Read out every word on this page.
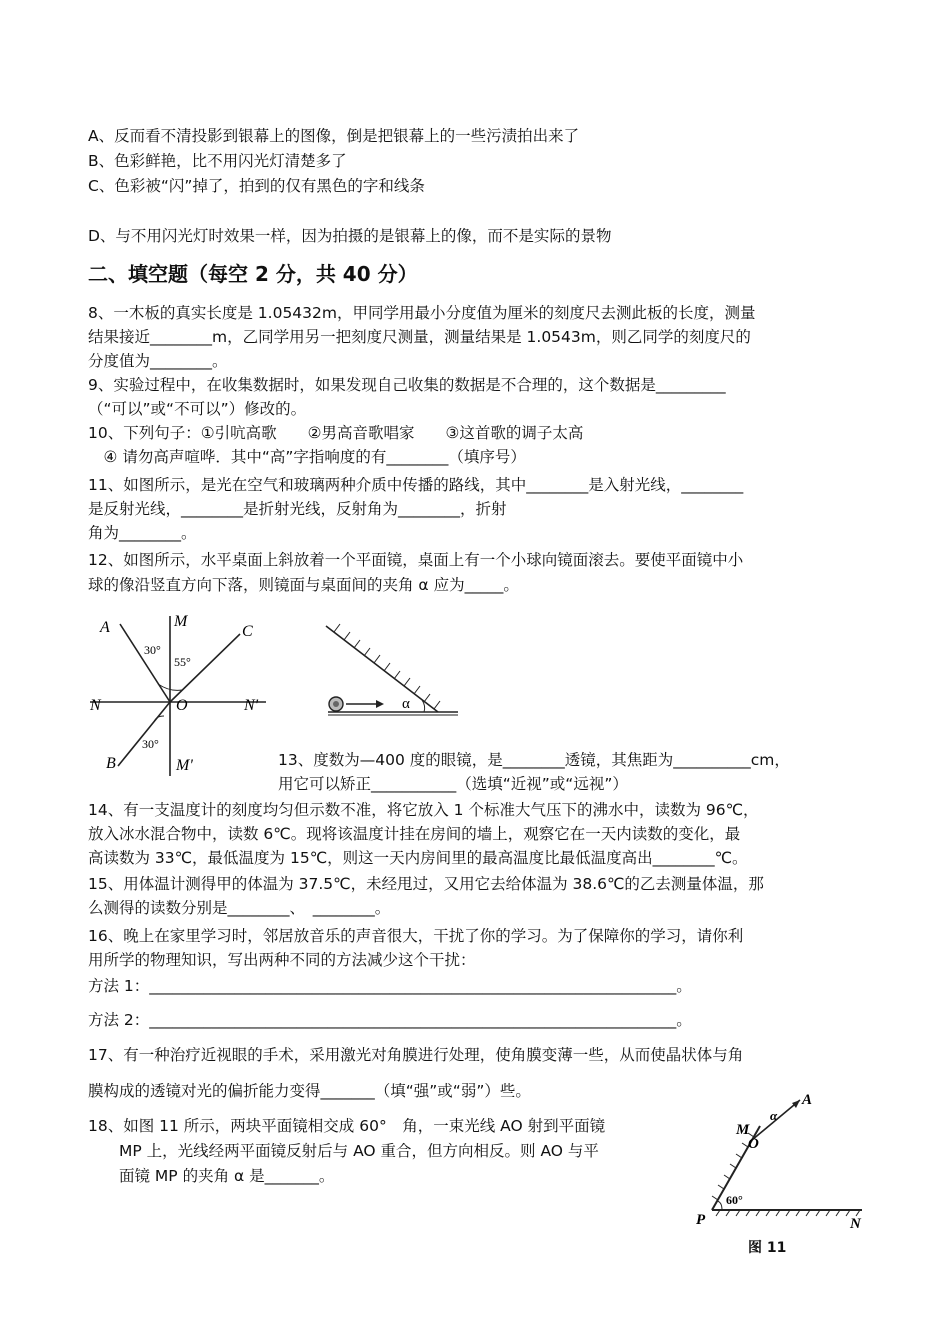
A、反而看不清投影到银幕上的图像，倒是把银幕上的一些污渍拍出来了
B、色彩鲜艳，比不用闪光灯清楚多了
C、色彩被“闪”掉了，拍到的仅有黑色的字和线条
D、与不用闪光灯时效果一样，因为拍摄的是银幕上的像，而不是实际的景物
二、填空题（每空 2 分，共 40 分）
8、一木板的真实长度是 1.05432m，甲同学用最小分度值为厘米的刻度尺去测此板的长度，测量
结果接近________m，乙同学用另一把刻度尺测量，测量结果是 1.0543m，则乙同学的刻度尺的
分度值为________。
9、实验过程中，在收集数据时，如果发现自己收集的数据是不合理的，这个数据是_________
（“可以”或“不可以”）修改的。
10、下列句子：①引吭高歌　　②男高音歌唱家　　③这首歌的调子太高
　④ 请勿高声喧哗．其中“高”字指响度的有________（填序号）
11、如图所示，是光在空气和玻璃两种介质中传播的路线，其中________是入射光线，________
是反射光线，________是折射光线，反射角为________，折射
角为________。
12、如图所示，水平桌面上斜放着一个平面镜，桌面上有一个小球向镜面滚去。要使平面镜中小
球的像沿竖直方向下落，则镜面与桌面间的夹角 α 应为_____。
A	M
C
30°
55°
N	O	N'
30°
B	M'
α
13、度数为—400 度的眼镜，是________透镜，其焦距为__________cm，
用它可以矫正___________（选填“近视”或“远视”）
14、有一支温度计的刻度均匀但示数不准，将它放入 1 个标准大气压下的沸水中，读数为 96℃，
放入冰水混合物中，读数 6℃。现将该温度计挂在房间的墙上，观察它在一天内读数的变化，最
高读数为 33℃，最低温度为 15℃，则这一天内房间里的最高温度比最低温度高出________℃。
15、用体温计测得甲的体温为 37.5℃，未经甩过，又用它去给体温为 38.6℃的乙去测量体温，那
么测得的读数分别是________、　________。
16、晚上在家里学习时，邻居放音乐的声音很大，干扰了你的学习。为了保障你的学习，请你利
用所学的物理知识，写出两种不同的方法减少这个干扰：
方法 1：____________________________________________________________________。
方法 2：____________________________________________________________________。
17、有一种治疗近视眼的手术，采用激光对角膜进行处理，使角膜变薄一些，从而使晶状体与角
膜构成的透镜对光的偏折能力变得_______（填“强”或“弱”）些。
18、如图 11 所示，两块平面镜相交成 60°　角，一束光线 AO 射到平面镜
　　MP 上，光线经两平面镜反射后与 AO 重合，但方向相反。则 AO 与平
　　面镜 MP 的夹角 α 是_______。
M
α
A
O
60°
P	N
图 11
